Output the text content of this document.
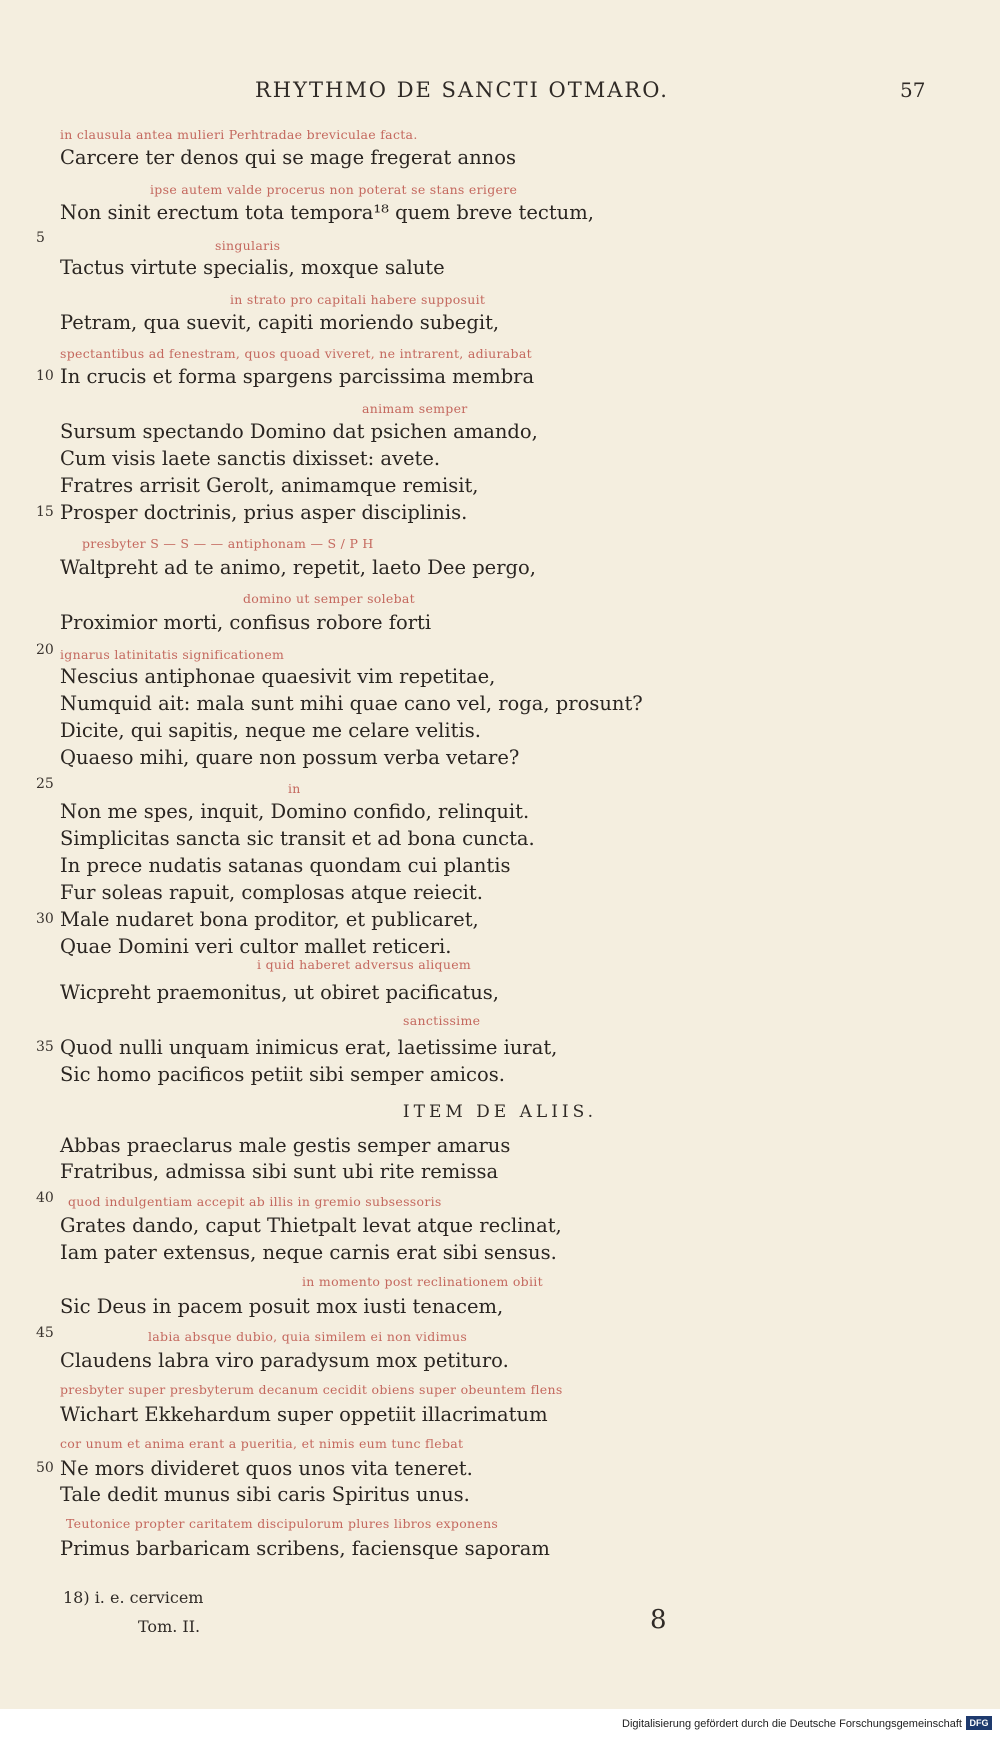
RHYTHMO DE SANCTI OTMARO.	57
in clausula antea mulieri Perhtradae breviculae facta.
Carcere ter denos qui se mage fregerat annos
ipse autem valde procerus non poterat se stans erigere
Non sinit erectum tota tempora¹⁸ quem breve tectum,
singularis
Tactus virtute specialis, moxque salute
in strato pro capitali habere supposuit
Petram, qua suevit, capiti moriendo subegit,
spectantibus ad fenestram, quos quoad viveret, ne intrarent, adiurabat
In crucis et forma spargens parcissima membra
animam semper
Sursum spectando Domino dat psichen amando,
Cum visis laete sanctis dixisset: avete.
Fratres arrisit Gerolt, animamque remisit,
Prosper doctrinis, prius asper disciplinis.
presbyter S — S — — antiphonam — S / P H
Waltpreht ad te animo, repetit, laeto Dee pergo,
domino ut semper solebat
Proximior morti, confisus robore forti
ignarus latinitatis significationem
Nescius antiphonae quaesivit vim repetitae,
Numquid ait: mala sunt mihi quae cano vel, roga, prosunt?
Dicite, qui sapitis, neque me celare velitis.
Quaeso mihi, quare non possum verba vetare?
in
Non me spes, inquit, Domino confido, relinquit.
Simplicitas sancta sic transit et ad bona cuncta.
In prece nudatis satanas quondam cui plantis
Fur soleas rapuit, complosas atque reiecit.
Male nudaret bona proditor, et publicaret,
Quae Domini veri cultor mallet reticeri.
i quid haberet adversus aliquem
Wicpreht praemonitus, ut obiret pacificatus,
sanctissime
Quod nulli unquam inimicus erat, laetissime iurat,
Sic homo pacificos petiit sibi semper amicos.
Abbas praeclarus male gestis semper amarus
Fratribus, admissa sibi sunt ubi rite remissa
quod indulgentiam accepit ab illis in gremio subsessoris
Grates dando, caput Thietpalt levat atque reclinat,
Iam pater extensus, neque carnis erat sibi sensus.
in momento post reclinationem obiit
Sic Deus in pacem posuit mox iusti tenacem,
labia absque dubio, quia similem ei non vidimus
Claudens labra viro paradysum mox petituro.
presbyter super presbyterum decanum cecidit obiens super obeuntem flens
Wichart Ekkehardum super oppetiit illacrimatum
cor unum et anima erant a pueritia, et nimis eum tunc flebat
Ne mors divideret quos unos vita teneret.
Tale dedit munus sibi caris Spiritus unus.
Teutonice propter caritatem discipulorum plures libros exponens
Primus barbaricam scribens, faciensque saporam
5
10
15
20
25
30
35
40
45
50
ITEM DE ALIIS.
18) i. e. cervicem
Tom. II.	8
Digitalisierung gefördert durch die Deutsche Forschungsgemeinschaft DFG
